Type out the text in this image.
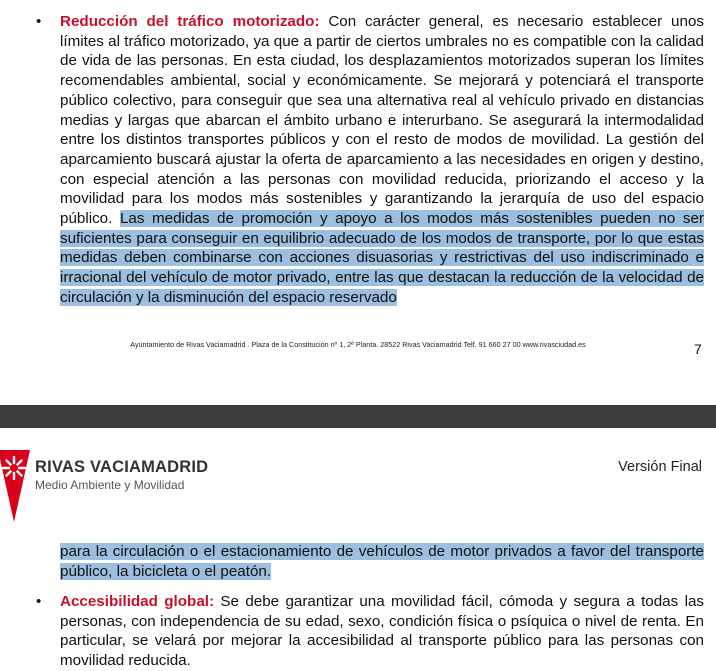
• Reducción del tráfico motorizado: Con carácter general, es necesario establecer unos límites al tráfico motorizado, ya que a partir de ciertos umbrales no es compatible con la calidad de vida de las personas. En esta ciudad, los desplazamientos motorizados superan los límites recomendables ambiental, social y económicamente. Se mejorará y potenciará el transporte público colectivo, para conseguir que sea una alternativa real al vehículo privado en distancias medias y largas que abarcan el ámbito urbano e interurbano. Se asegurará la intermodalidad entre los distintos transportes públicos y con el resto de modos de movilidad. La gestión del aparcamiento buscará ajustar la oferta de aparcamiento a las necesidades en origen y destino, con especial atención a las personas con movilidad reducida, priorizando el acceso y la movilidad para los modos más sostenibles y garantizando la jerarquía de uso del espacio público. Las medidas de promoción y apoyo a los modos más sostenibles pueden no ser suficientes para conseguir en equilibrio adecuado de los modos de transporte, por lo que estas medidas deben combinarse con acciones disuasorias y restrictivas del uso indiscriminado e irracional del vehículo de motor privado, entre las que destacan la reducción de la velocidad de circulación y la disminución del espacio reservado

Ayuntamiento de Rivas Vaciamadrid . Plaza de la Constitución nº 1, 2ª Planta. 28522 Rivas Vaciamadrid Telf. 91 660 27 00 www.rivasciudad.es	7
RIVAS VACIAMADRID
Medio Ambiente y Movilidad
Versión Final

para la circulación o el estacionamiento de vehículos de motor privados a favor del transporte público, la bicicleta o el peatón.

• Accesibilidad global: Se debe garantizar una movilidad fácil, cómoda y segura a todas las personas, con independencia de su edad, sexo, condición física o psíquica o nivel de renta. En particular, se velará por mejorar la accesibilidad al transporte público para las personas con movilidad reducida.
